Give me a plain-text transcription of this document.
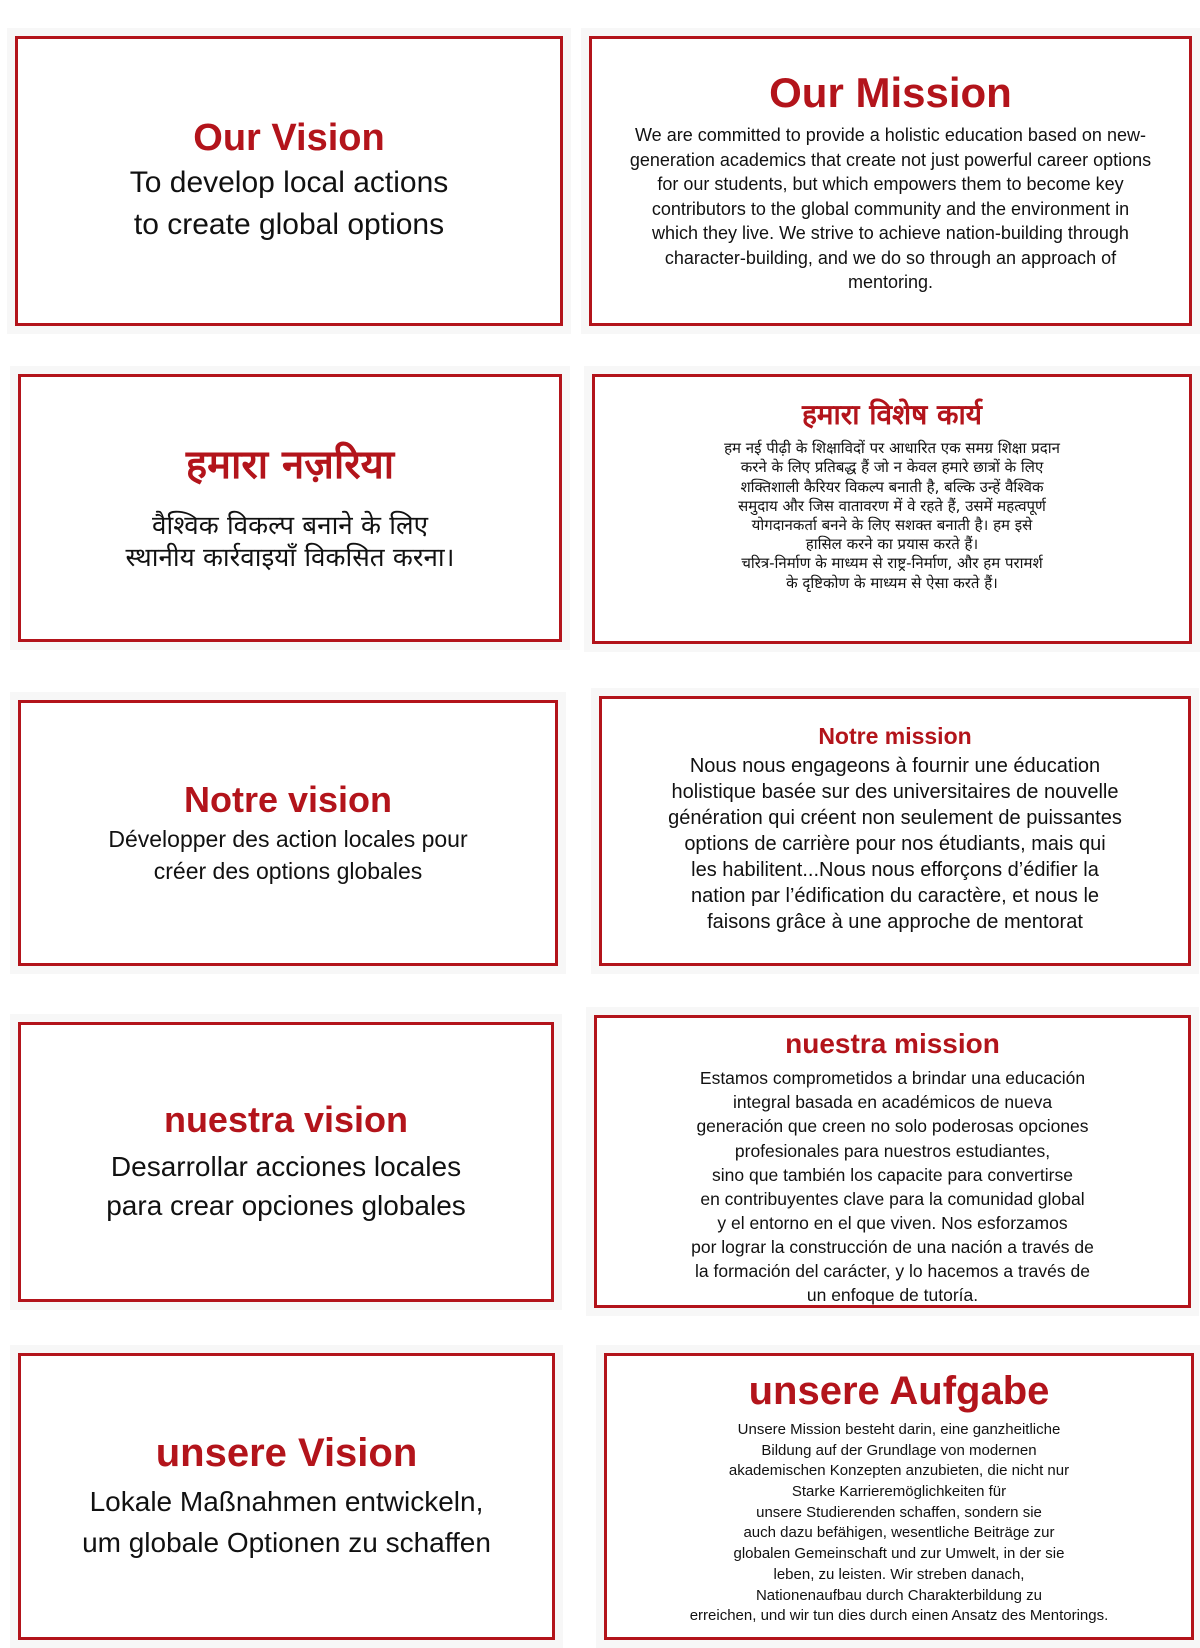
Our Vision

To develop local actions
to create global options

Our Mission

We are committed to provide a holistic education based on new-
generation academics that create not just powerful career options
for our students, but which empowers them to become key
contributors to the global community and the environment in
which they live. We strive to achieve nation-building through
character-building, and we do so through an approach of
mentoring.

हमारा नज़रिया

वैश्विक विकल्प बनाने के लिए
स्थानीय कार्रवाइयाँ विकसित करना।

हमारा विशेष कार्य

हम नई पीढ़ी के शिक्षाविदों पर आधारित एक समग्र शिक्षा प्रदान
करने के लिए प्रतिबद्ध हैं जो न केवल हमारे छात्रों के लिए
शक्तिशाली कैरियर विकल्प बनाती है, बल्कि उन्हें वैश्विक
समुदाय और जिस वातावरण में वे रहते हैं, उसमें महत्वपूर्ण
योगदानकर्ता बनने के लिए सशक्त बनाती है। हम इसे
हासिल करने का प्रयास करते हैं।
चरित्र-निर्माण के माध्यम से राष्ट्र-निर्माण, और हम परामर्श
के दृष्टिकोण के माध्यम से ऐसा करते हैं।

Notre vision

Développer des action locales pour
créer des options globales

Notre mission

Nous nous engageons à fournir une éducation
holistique basée sur des universitaires de nouvelle
génération qui créent non seulement de puissantes
options de carrière pour nos étudiants, mais qui
les habilitent...Nous nous efforçons d’édifier la
nation par l’édification du caractère, et nous le
faisons grâce à une approche de mentorat

nuestra vision

Desarrollar acciones locales
para crear opciones globales

nuestra mission

Estamos comprometidos a brindar una educación
integral basada en académicos de nueva
generación que creen no solo poderosas opciones
profesionales para nuestros estudiantes,
sino que también los capacite para convertirse
en contribuyentes clave para la comunidad global
y el entorno en el que viven. Nos esforzamos
por lograr la construcción de una nación a través de
la formación del carácter, y lo hacemos a través de
un enfoque de tutoría.

unsere Vision

Lokale Maßnahmen entwickeln,
um globale Optionen zu schaffen

unsere Aufgabe

Unsere Mission besteht darin, eine ganzheitliche
Bildung auf der Grundlage von modernen
akademischen Konzepten anzubieten, die nicht nur
Starke Karrieremöglichkeiten für
unsere Studierenden schaffen, sondern sie
auch dazu befähigen, wesentliche Beiträge zur
globalen Gemeinschaft und zur Umwelt, in der sie
leben, zu leisten. Wir streben danach,
Nationenaufbau durch Charakterbildung zu
erreichen, und wir tun dies durch einen Ansatz des Mentorings.
